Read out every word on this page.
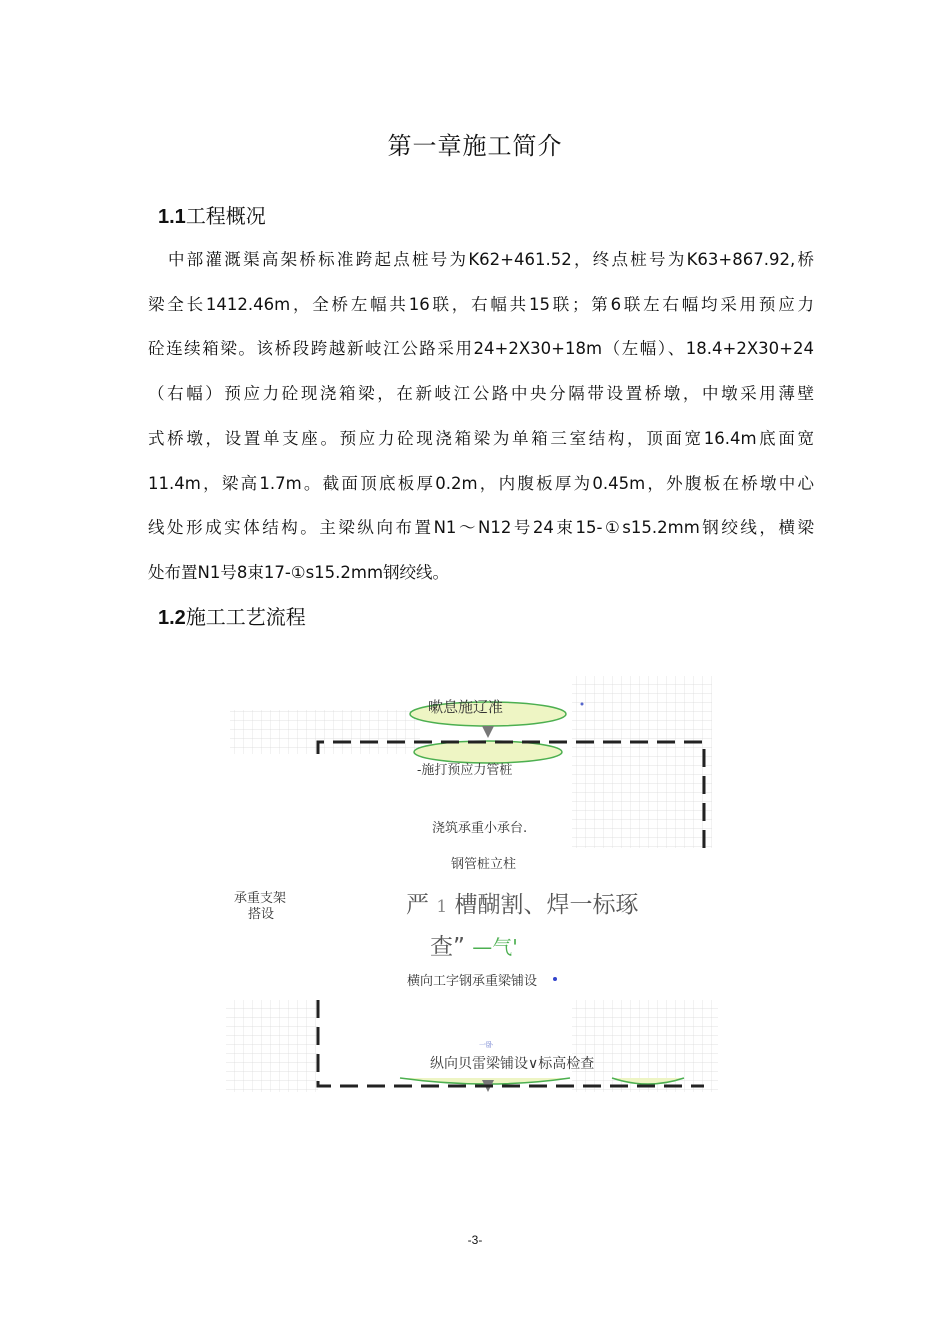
第一章施工简介
1.1工程概况
中部灌溉渠高架桥标准跨起点桩号为K62+461.52，终点桩号为K63+867.92,桥
梁全长1412.46m，全桥左幅共16联，右幅共15联；第6联左右幅均采用预应力
砼连续箱梁。该桥段跨越新岐江公路采用24+2X30+18m（左幅）、18.4+2X30+24
（右幅）预应力砼现浇箱梁，在新岐江公路中央分隔带设置桥墩，中墩采用薄壁
式桥墩，设置单支座。预应力砼现浇箱梁为单箱三室结构，顶面宽16.4m底面宽
11.4m，梁高1.7m。截面顶底板厚0.2m，内腹板厚为0.45m，外腹板在桥墩中心
线处形成实体结构。主梁纵向布置N1〜N12号24束15-①s15.2mm钢绞线，横梁
处布置N1号8束17-①s15.2mm钢绞线。
1.2施工工艺流程
嗽息施辽准
-施打预应力管桩
浇筑承重小承台.
钢管桩立柱
承重支架
搭设	严 1 槽醐割、焊一标琢
查” —气'
横向工字钢承重梁铺设
一卧
纵向贝雷梁铺设∨标高检查
-3-
